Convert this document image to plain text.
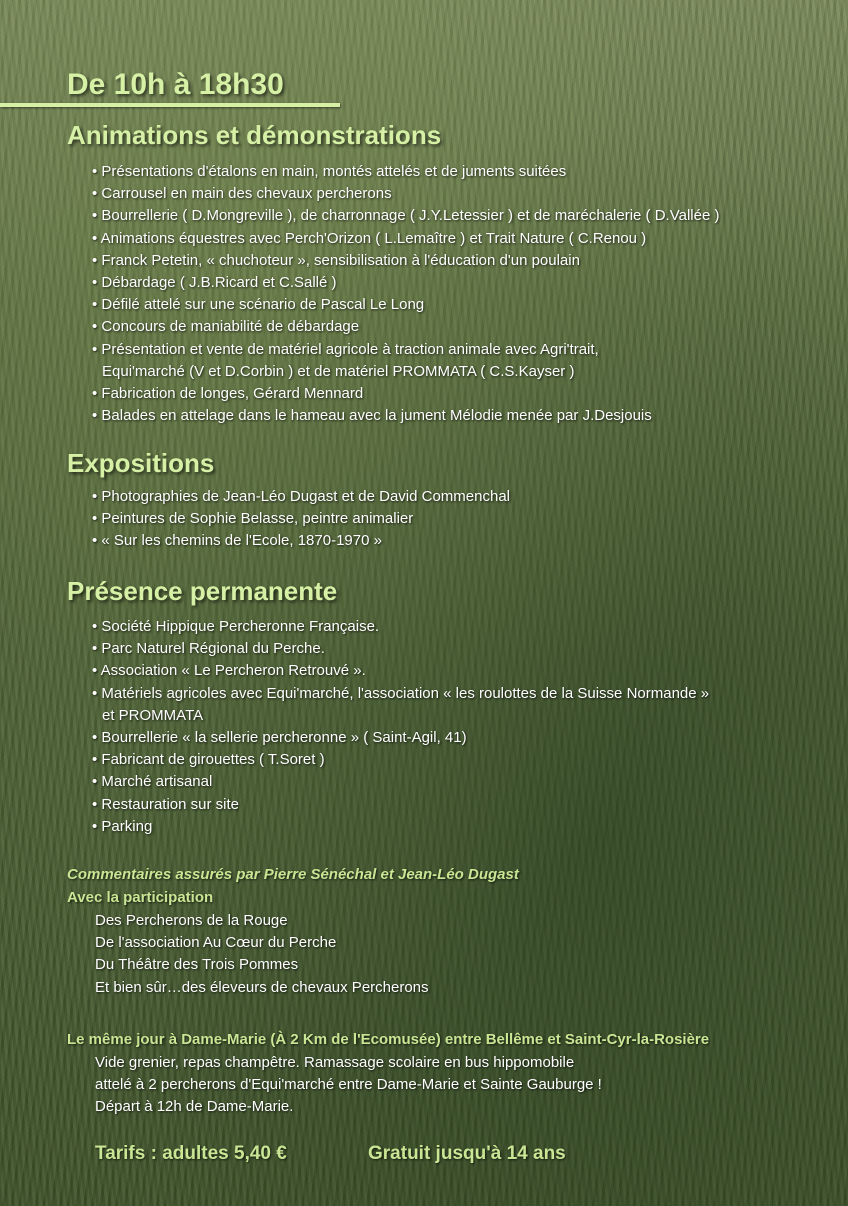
De 10h à 18h30
Animations et démonstrations
• Présentations d'étalons en main, montés attelés et de juments suitées
• Carrousel en main des chevaux percherons
• Bourrellerie ( D.Mongreville ), de charronnage ( J.Y.Letessier ) et de maréchalerie ( D.Vallée )
• Animations équestres avec Perch'Orizon ( L.Lemaître ) et Trait Nature ( C.Renou )
• Franck Petetin, « chuchoteur », sensibilisation à l'éducation d'un poulain
• Débardage ( J.B.Ricard et C.Sallé )
• Défilé attelé sur une scénario de Pascal Le Long
• Concours de maniabilité de débardage
• Présentation et vente de matériel agricole à traction animale avec Agri'trait,
Equi'marché (V et D.Corbin ) et de matériel PROMMATA ( C.S.Kayser )
• Fabrication de longes, Gérard Mennard
• Balades en attelage dans le hameau avec la jument Mélodie menée par J.Desjouis
Expositions
• Photographies de Jean-Léo Dugast et de David Commenchal
• Peintures de Sophie Belasse, peintre animalier
• « Sur les chemins de l'Ecole, 1870-1970 »
Présence permanente
• Société Hippique Percheronne Française.
• Parc Naturel Régional du Perche.
• Association « Le Percheron Retrouvé ».
• Matériels agricoles avec Equi'marché, l'association « les roulottes de la Suisse Normande »
et PROMMATA
• Bourrellerie « la sellerie percheronne » ( Saint-Agil, 41)
• Fabricant de girouettes ( T.Soret )
• Marché artisanal
• Restauration sur site
• Parking

Commentaires assurés par Pierre Sénéchal et Jean-Léo Dugast

Avec la participation

Des Percherons de la Rouge
De l'association Au Cœur du Perche
Du Théâtre des Trois Pommes
Et bien sûr…des éleveurs de chevaux Percherons

Le même jour à Dame-Marie (À 2 Km de l'Ecomusée) entre Bellême et Saint-Cyr-la-Rosière

Vide grenier, repas champêtre. Ramassage scolaire en bus hippomobile
attelé à 2 percherons d'Equi'marché entre Dame-Marie et Sainte Gauburge !
Départ à 12h de Dame-Marie.

Tarifs : adultes 5,40 €	Gratuit jusqu'à 14 ans
